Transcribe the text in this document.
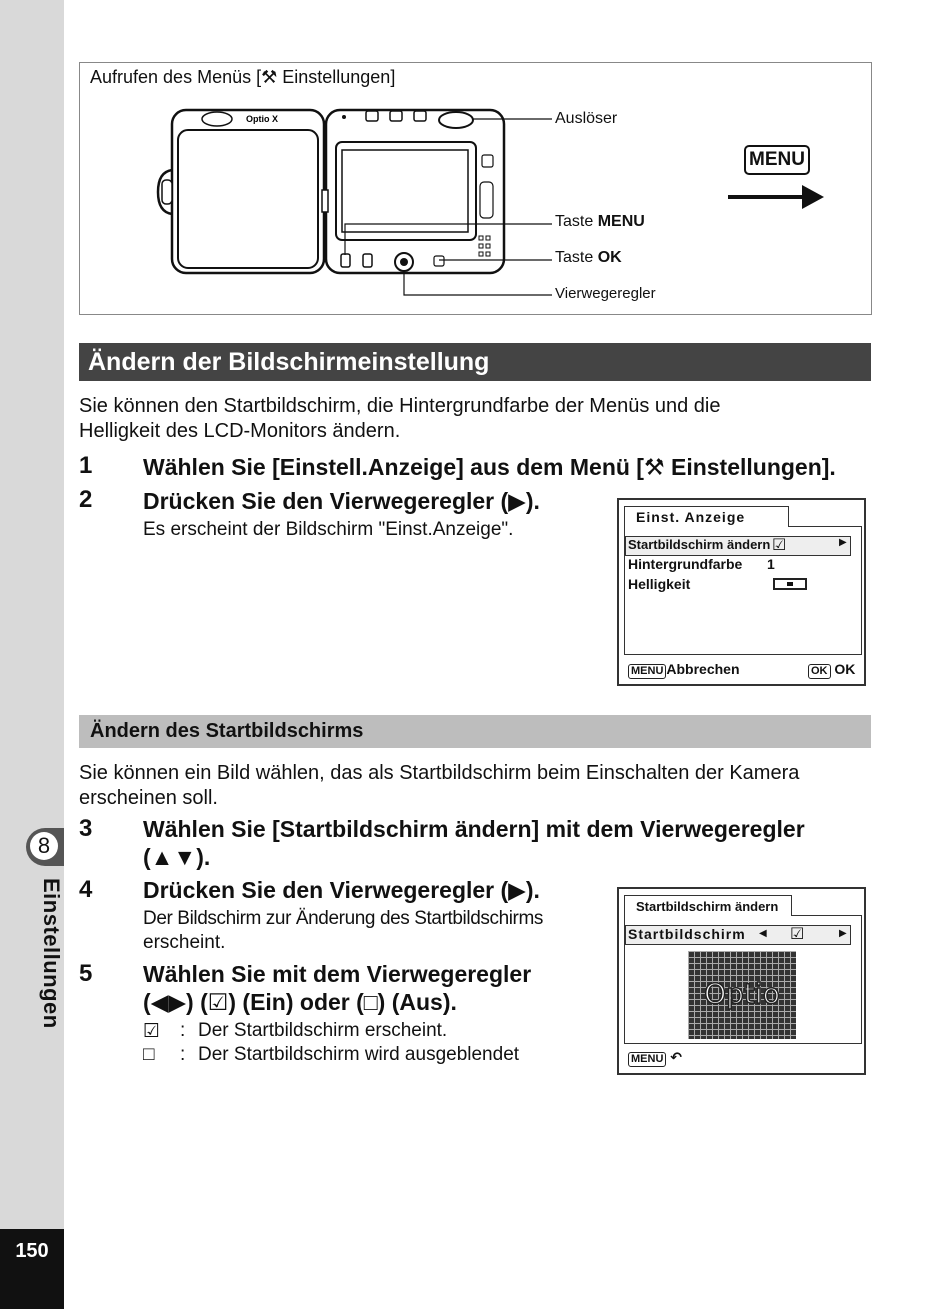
8
Einstellungen
150
Aufrufen des Menüs [⚒ Einstellungen]
Optio X	Auslöser
Taste MENU
Taste OK
Vierwegeregler
MENU
Ändern der Bildschirmeinstellung
Sie können den Startbildschirm, die Hintergrundfarbe der Menüs und die
Helligkeit des LCD-Monitors ändern.
1 Wählen Sie [Einstell.Anzeige] aus dem Menü [⚒ Einstellungen].
2 Drücken Sie den Vierwegeregler (▶).
Es erscheint der Bildschirm "Einst.Anzeige".
Einst. Anzeige
Startbildschirm ändern ☑	▶
Hintergrundfarbe 1
Helligkeit
MENU Abbrechen	OK OK
Ändern des Startbildschirms
Sie können ein Bild wählen, das als Startbildschirm beim Einschalten der Kamera
erscheinen soll.
3 Wählen Sie [Startbildschirm ändern] mit dem Vierwegeregler
(▲▼).
4 Drücken Sie den Vierwegeregler (▶).
Der Bildschirm zur Änderung des Startbildschirms
erscheint.
5 Wählen Sie mit dem Vierwegeregler
(◀▶) (☑) (Ein) oder (□) (Aus).
☑ : Der Startbildschirm erscheint.
□ : Der Startbildschirm wird ausgeblendet
Startbildschirm ändern
Startbildschirm ◀ ☑	▶
Optio
MENU ↶
